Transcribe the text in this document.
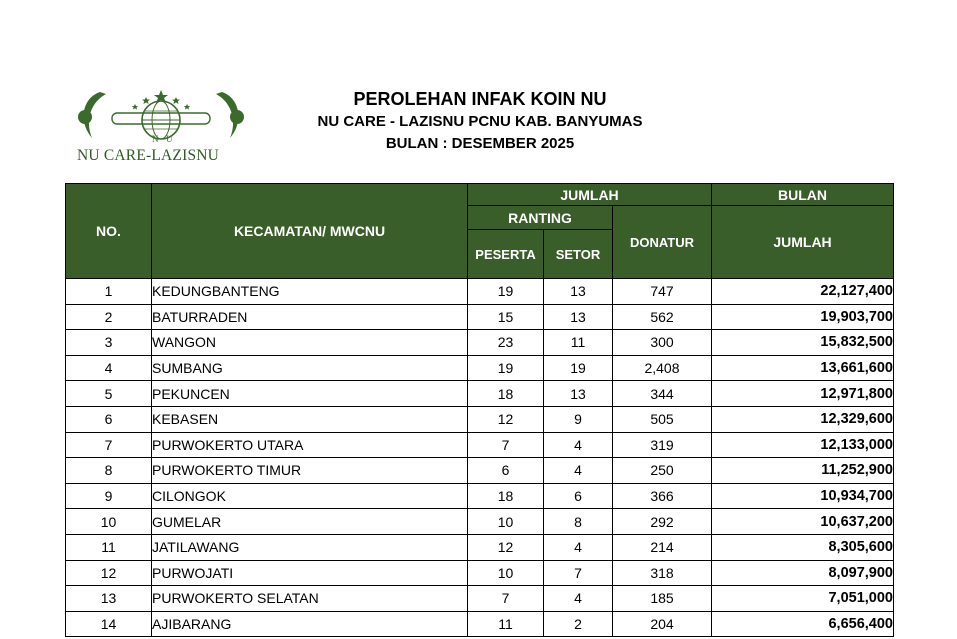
N U
NU CARE-LAZISNU
PEROLEHAN INFAK KOIN NU
NU CARE - LAZISNU PCNU KAB. BANYUMAS
BULAN : DESEMBER 2025
NO.	KECAMATAN/ MWCNU	JUMLAH			BULAN
		RANTING		DONATUR	JUMLAH
		PESERTA	SETOR		
1	KEDUNGBANTENG	19	13	747	22,127,400
2	BATURRADEN	15	13	562	19,903,700
3	WANGON	23	11	300	15,832,500
4	SUMBANG	19	19	2,408	13,661,600
5	PEKUNCEN	18	13	344	12,971,800
6	KEBASEN	12	9	505	12,329,600
7	PURWOKERTO UTARA	7	4	319	12,133,000
8	PURWOKERTO TIMUR	6	4	250	11,252,900
9	CILONGOK	18	6	366	10,934,700
10	GUMELAR	10	8	292	10,637,200
11	JATILAWANG	12	4	214	8,305,600
12	PURWOJATI	10	7	318	8,097,900
13	PURWOKERTO SELATAN	7	4	185	7,051,000
14	AJIBARANG	11	2	204	6,656,400
